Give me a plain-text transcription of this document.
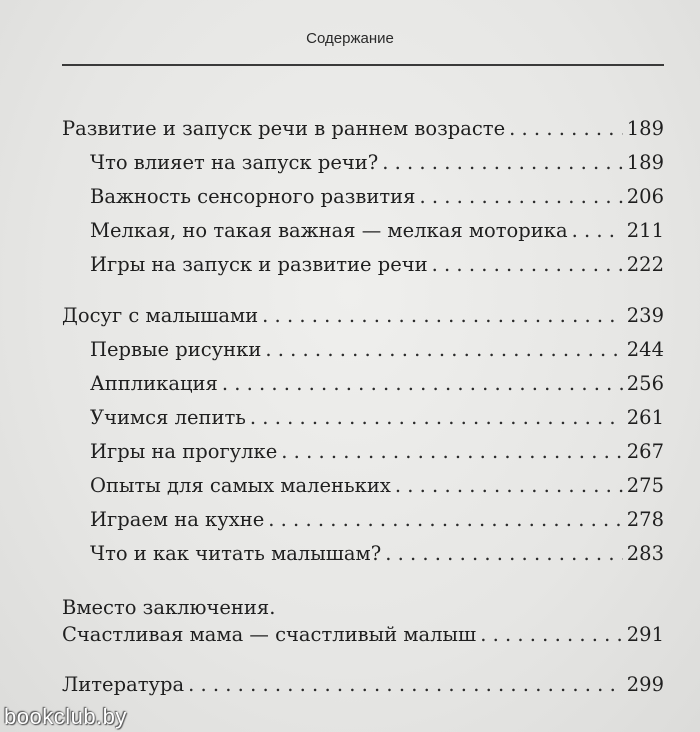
Содержание
Развитие и запуск речи в раннем возрасте . . .	189
Что влияет на запуск речи? . . .	189
Важность сенсорного развития . . .	206
Мелкая, но такая важная — мелкая моторика . . .	211
Игры на запуск и развитие речи . . .	222
Досуг с малышами . . .	239
Первые рисунки . . .	244
Аппликация . . .	256
Учимся лепить . . .	261
Игры на прогулке . . .	267
Опыты для самых маленьких . . .	275
Играем на кухне . . .	278
Что и как читать малышам? . . .	283
Вместо заключения.
Счастливая мама — счастливый малыш . . .	291
Литература . . .	299
bookclub.by
